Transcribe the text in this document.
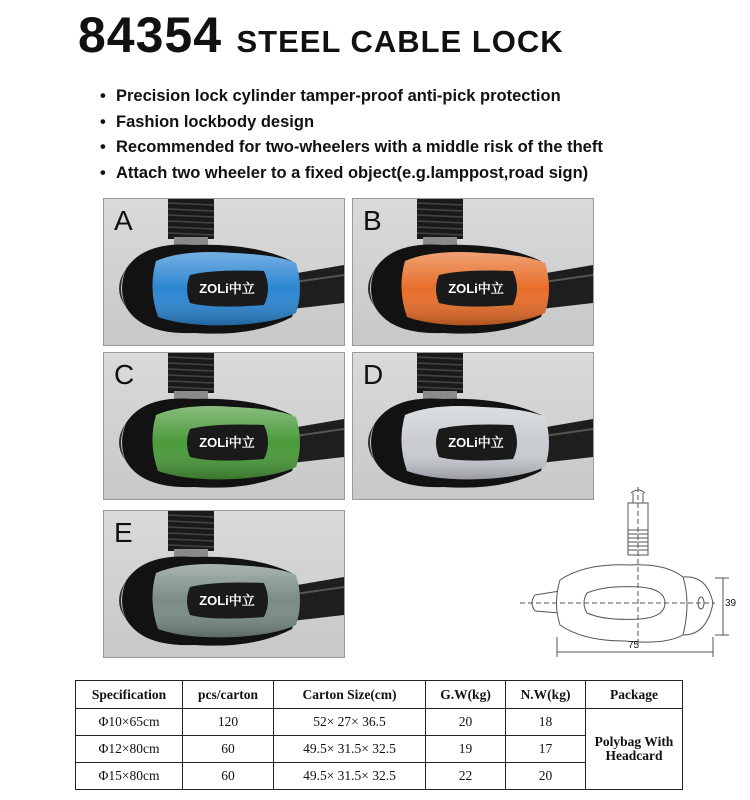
84354 STEEL CABLE LOCK
• Precision lock cylinder tamper-proof anti-pick protection
• Fashion lockbody design
• Recommended for two-wheelers with a middle risk of the theft
• Attach two wheeler to a fixed object(e.g.lamppost,road sign)
ZOLi中立
A
ZOLi中立
B
ZOLi中立
C
ZOLi中立
D
ZOLi中立
E
39
75
Specification	pcs/carton	Carton Size(cm)	G.W(kg)	N.W(kg)	Package
Φ10×65cm	120	52× 27× 36.5	20	18	Polybag With Headcard
Φ12×80cm	60	49.5× 31.5× 32.5	19	17	
Φ15×80cm	60	49.5× 31.5× 32.5	22	20	
